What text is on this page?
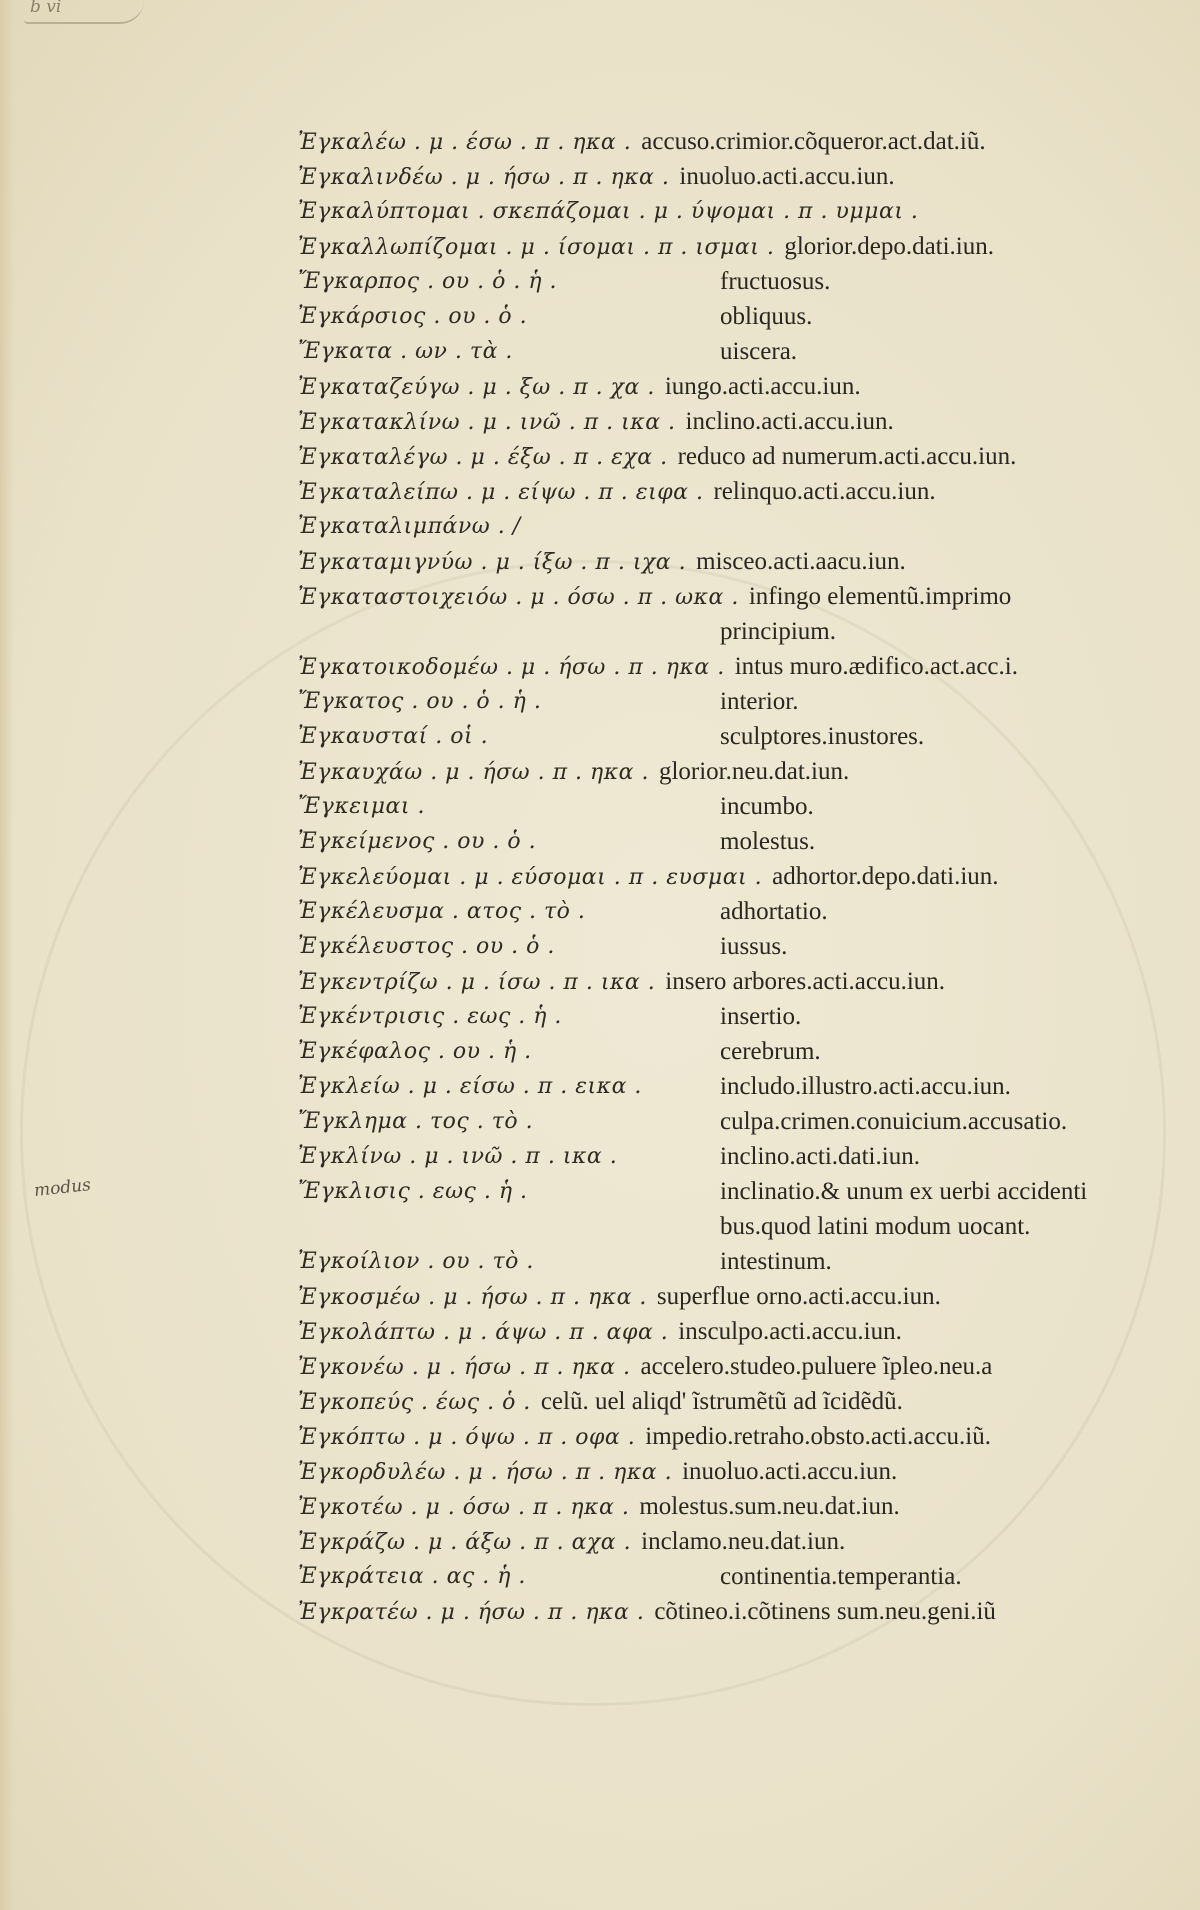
b vi
modus
Ἐγκαλέω . μ . έσω . π . ηκα . accuso.crimior.cõqueror.act.dat.iũ.
Ἐγκαλινδέω . μ . ήσω . π . ηκα . inuoluo.acti.accu.iun.
Ἐγκαλύπτομαι . σκεπάζομαι . μ . ύψομαι . π . υμμαι .
Ἐγκαλλωπίζομαι . μ . ίσομαι . π . ισμαι . glorior.depo.dati.iun.
Ἔγκαρπος . ου . ὁ . ἡ .	fructuosus.
Ἐγκάρσιος . ου . ὁ .	obliquus.
Ἔγκατα . ων . τὰ .	uiscera.
Ἐγκαταζεύγω . μ . ξω . π . χα . iungo.acti.accu.iun.
Ἐγκατακλίνω . μ . ινῶ . π . ικα . inclino.acti.accu.iun.
Ἐγκαταλέγω . μ . έξω . π . εχα . reduco ad numerum.acti.accu.iun.
Ἐγκαταλείπω . μ . είψω . π . ειφα . relinquo.acti.accu.iun.
Ἐγκαταλιμπάνω . /
Ἐγκαταμιγνύω . μ . ίξω . π . ιχα . misceo.acti.aacu.iun.
Ἐγκαταστοιχειόω . μ . όσω . π . ωκα . infingo elementũ.imprimo
principium.
Ἐγκατοικοδομέω . μ . ήσω . π . ηκα . intus muro.ædifico.act.acc.i.
Ἔγκατος . ου . ὁ . ἡ .	interior.
Ἐγκαυσταί . οἱ .	sculptores.inustores.
Ἐγκαυχάω . μ . ήσω . π . ηκα . glorior.neu.dat.iun.
Ἔγκειμαι .	incumbo.
Ἐγκείμενος . ου . ὁ .	molestus.
Ἐγκελεύομαι . μ . εύσομαι . π . ευσμαι . adhortor.depo.dati.iun.
Ἐγκέλευσμα . ατος . τὸ .	adhortatio.
Ἐγκέλευστος . ου . ὁ .	iussus.
Ἐγκεντρίζω . μ . ίσω . π . ικα . insero arbores.acti.accu.iun.
Ἐγκέντρισις . εως . ἡ .	insertio.
Ἐγκέφαλος . ου . ἡ .	cerebrum.
Ἐγκλείω . μ . είσω . π . εικα .	includo.illustro.acti.accu.iun.
Ἔγκλημα . τος . τὸ .	culpa.crimen.conuicium.accusatio.
Ἐγκλίνω . μ . ινῶ . π . ικα .	inclino.acti.dati.iun.
Ἔγκλισις . εως . ἡ .	inclinatio.& unum ex uerbi accidenti
bus.quod latini modum uocant.
Ἐγκοίλιον . ου . τὸ .	intestinum.
Ἐγκοσμέω . μ . ήσω . π . ηκα . superflue orno.acti.accu.iun.
Ἐγκολάπτω . μ . άψω . π . αφα . insculpo.acti.accu.iun.
Ἐγκονέω . μ . ήσω . π . ηκα . accelero.studeo.puluere ĩpleo.neu.a
Ἐγκοπεύς . έως . ὁ . celũ. uel aliqd' ĩstrumẽtũ ad ĩcidẽdũ.
Ἐγκόπτω . μ . όψω . π . οφα . impedio.retraho.obsto.acti.accu.iũ.
Ἐγκορδυλέω . μ . ήσω . π . ηκα . inuoluo.acti.accu.iun.
Ἐγκοτέω . μ . όσω . π . ηκα . molestus.sum.neu.dat.iun.
Ἐγκράζω . μ . άξω . π . αχα . inclamo.neu.dat.iun.
Ἐγκράτεια . ας . ἡ .	continentia.temperantia.
Ἐγκρατέω . μ . ήσω . π . ηκα . cõtineo.i.cõtinens sum.neu.geni.iũ
